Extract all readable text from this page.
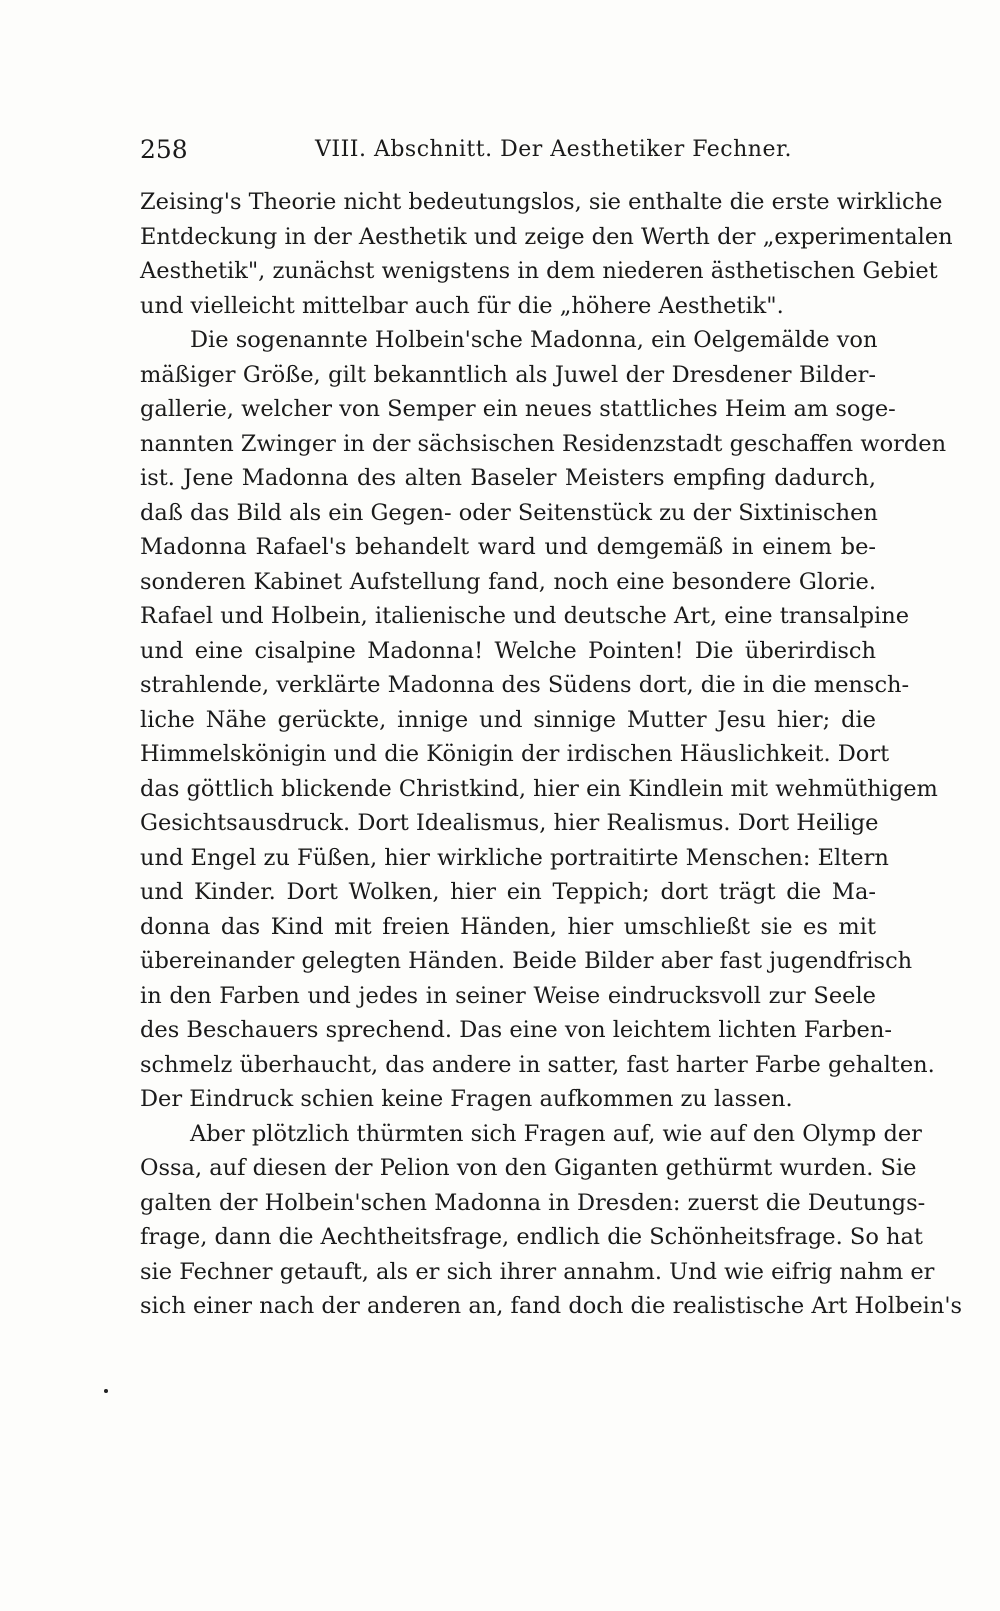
258	VIII. Abschnitt. Der Aesthetiker Fechner.
Zeising's Theorie nicht bedeutungslos, sie enthalte die erste wirkliche
Entdeckung in der Aesthetik und zeige den Werth der „experimentalen
Aesthetik", zunächst wenigstens in dem niederen ästhetischen Gebiet
und vielleicht mittelbar auch für die „höhere Aesthetik".
Die sogenannte Holbein'sche Madonna, ein Oelgemälde von
mäßiger Größe, gilt bekanntlich als Juwel der Dresdener Bilder-
gallerie, welcher von Semper ein neues stattliches Heim am soge-
nannten Zwinger in der sächsischen Residenzstadt geschaffen worden
ist. Jene Madonna des alten Baseler Meisters empfing dadurch,
daß das Bild als ein Gegen- oder Seitenstück zu der Sixtinischen
Madonna Rafael's behandelt ward und demgemäß in einem be-
sonderen Kabinet Aufstellung fand, noch eine besondere Glorie.
Rafael und Holbein, italienische und deutsche Art, eine transalpine
und eine cisalpine Madonna! Welche Pointen! Die überirdisch
strahlende, verklärte Madonna des Südens dort, die in die mensch-
liche Nähe gerückte, innige und sinnige Mutter Jesu hier; die
Himmelskönigin und die Königin der irdischen Häuslichkeit. Dort
das göttlich blickende Christkind, hier ein Kindlein mit wehmüthigem
Gesichtsausdruck. Dort Idealismus, hier Realismus. Dort Heilige
und Engel zu Füßen, hier wirkliche portraitirte Menschen: Eltern
und Kinder. Dort Wolken, hier ein Teppich; dort trägt die Ma-
donna das Kind mit freien Händen, hier umschließt sie es mit
übereinander gelegten Händen. Beide Bilder aber fast jugendfrisch
in den Farben und jedes in seiner Weise eindrucksvoll zur Seele
des Beschauers sprechend. Das eine von leichtem lichten Farben-
schmelz überhaucht, das andere in satter, fast harter Farbe gehalten.
Der Eindruck schien keine Fragen aufkommen zu lassen.
Aber plötzlich thürmten sich Fragen auf, wie auf den Olymp der
Ossa, auf diesen der Pelion von den Giganten gethürmt wurden. Sie
galten der Holbein'schen Madonna in Dresden: zuerst die Deutungs-
frage, dann die Aechtheitsfrage, endlich die Schönheitsfrage. So hat
sie Fechner getauft, als er sich ihrer annahm. Und wie eifrig nahm er
sich einer nach der anderen an, fand doch die realistische Art Holbein's
